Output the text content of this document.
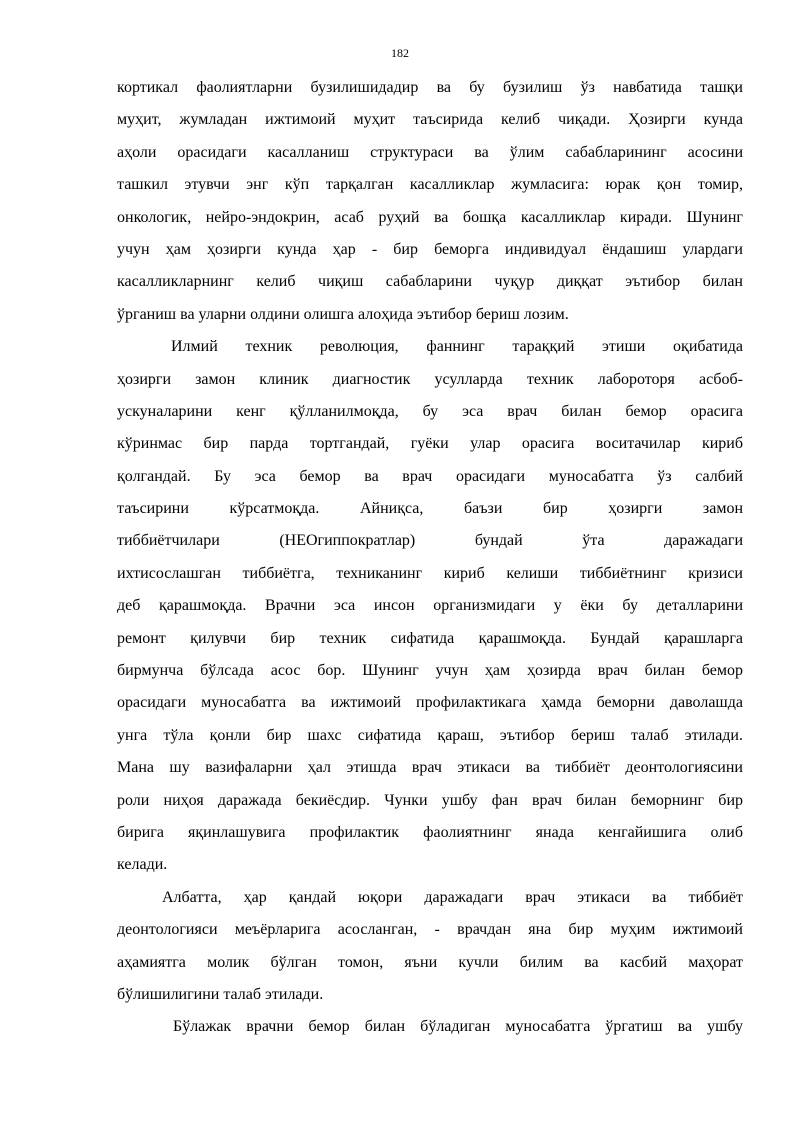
182
кортикал фаолиятларни бузилишидадир ва бу бузилиш ўз навбатида ташқи
муҳит, жумладан ижтимоий муҳит таъсирида келиб чиқади. Ҳозирги кунда
аҳоли орасидаги касалланиш структураси ва ўлим сабабларининг асосини
ташкил этувчи энг кўп тарқалган касалликлар жумласига: юрак қон томир,
онкологик, нейро-эндокрин, асаб руҳий ва бошқа касалликлар киради. Шунинг
учун ҳам ҳозирги кунда ҳар - бир беморга индивидуал ёндашиш улардаги
касалликларнинг келиб чиқиш сабабларини чуқур диққат эътибор билан
ўрганиш ва уларни олдини олишга алоҳида эътибор бериш лозим.
Илмий техник революция, фаннинг тараққий этиши оқибатида
ҳозирги замон клиник диагностик усулларда техник лабороторя асбоб-
ускуналарини кенг қўлланилмоқда, бу эса врач билан бемор орасига
кўринмас бир парда тортгандай, гуёки улар орасига воситачилар кириб
қолгандай. Бу эса бемор ва врач орасидаги муносабатга ўз салбий
таъсирини кўрсатмоқда. Айниқса, баъзи бир ҳозирги замон
тиббиётчилари (НЕОгиппократлар) бундай ўта даражадаги
ихтисослашган тиббиётга, техниканинг кириб келиши тиббиётнинг кризиси
деб қарашмоқда. Врачни эса инсон организмидаги у ёки бу деталларини
ремонт қилувчи бир техник сифатида қарашмоқда. Бундай қарашларга
бирмунча бўлсада асос бор. Шунинг учун ҳам ҳозирда врач билан бемор
орасидаги муносабатга ва ижтимоий профилактикага ҳамда беморни даволашда
унга тўла қонли бир шахс сифатида қараш, эътибор бериш талаб этилади.
Мана шу вазифаларни ҳал этишда врач этикаси ва тиббиёт деонтологиясини
роли ниҳоя даражада бекиёсдир. Чунки ушбу фан врач билан беморнинг бир
бирига яқинлашувига профилактик фаолиятнинг янада кенгайишига олиб
келади.
Албатта, ҳар қандай юқори даражадаги врач этикаси ва тиббиёт
деонтологияси меъёрларига асосланган, - врачдан яна бир муҳим ижтимоий
аҳамиятга молик бўлган томон, яъни кучли билим ва касбий маҳорат
бўлишилигини талаб этилади.
Бўлажак врачни бемор билан бўладиган муносабатга ўргатиш ва ушбу
